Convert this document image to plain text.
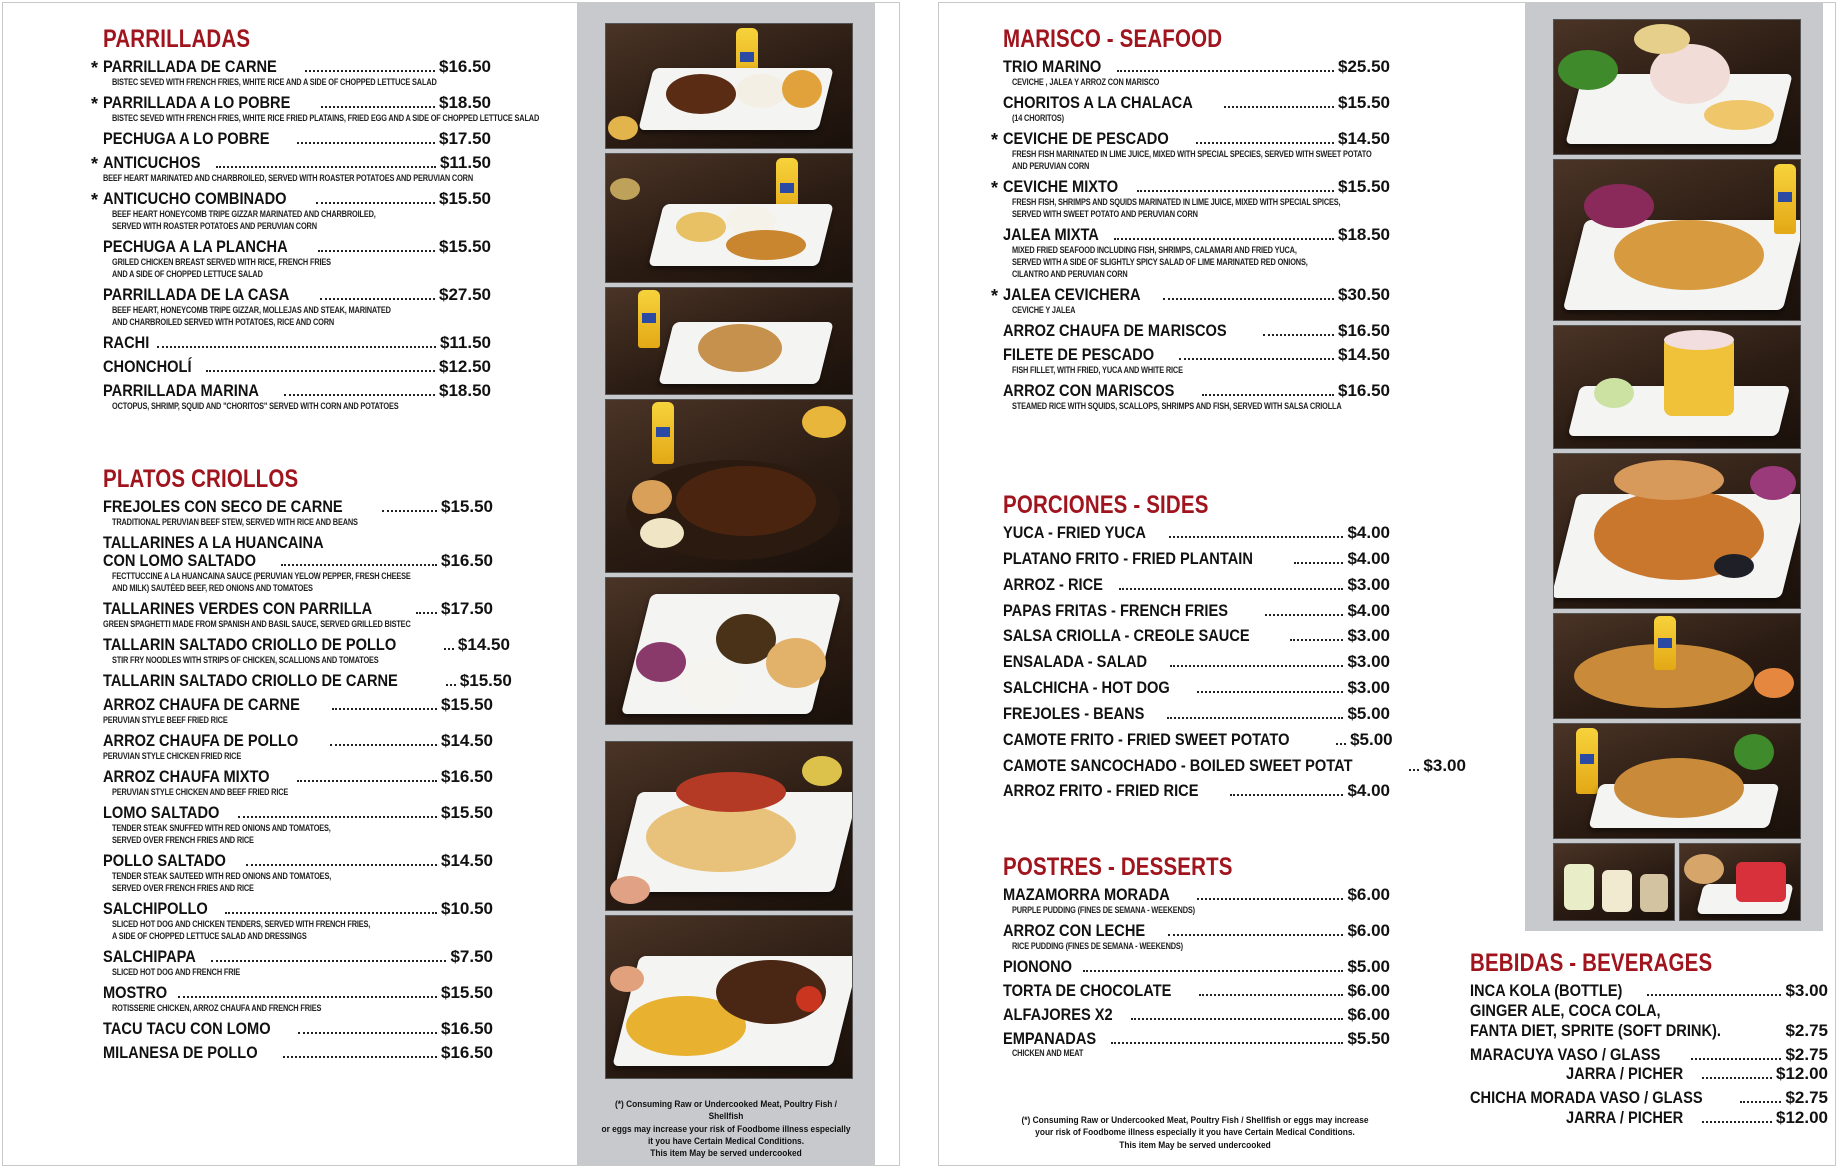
PARRILLADAS
* PARRILLADA DE CARNE	$16.50
BISTEC SEVED WITH FRENCH FRIES, WHITE RICE AND A SIDE OF CHOPPED LETTUCE SALAD
* PARRILLADA A LO POBRE	$18.50
BISTEC SEVED WITH FRENCH FRIES, WHITE RICE FRIED PLATAINS, FRIED EGG AND A SIDE OF CHOPPED LETTUCE SALAD
PECHUGA A LO POBRE	$17.50
* ANTICUCHOS	$11.50
BEEF HEART MARINATED AND CHARBROILED, SERVED WITH ROASTER POTATOES AND PERUVIAN CORN
* ANTICUCHO COMBINADO	$15.50
BEEF HEART HONEYCOMB TRIPE GIZZAR MARINATED AND CHARBROILED,
SERVED WITH ROASTER POTATOES AND PERUVIAN CORN
PECHUGA A LA PLANCHA	$15.50
GRILED CHICKEN BREAST SERVED WITH RICE, FRENCH FRIES
AND A SIDE OF CHOPPED LETTUCE SALAD
PARRILLADA DE LA CASA	$27.50
BEEF HEART, HONEYCOMB TRIPE GIZZAR, MOLLEJAS AND STEAK, MARINATED
AND CHARBROILED SERVED WITH POTATOES, RICE AND CORN
RACHI	$11.50
CHONCHOLÍ	$12.50
PARRILLADA MARINA	$18.50
OCTOPUS, SHRIMP, SQUID AND "CHORITOS" SERVED WITH CORN AND POTATOES
PLATOS CRIOLLOS
FREJOLES CON SECO DE CARNE	$15.50
TRADITIONAL PERUVIAN BEEF STEW, SERVED WITH RICE AND BEANS
TALLARINES A LA HUANCAINA
CON LOMO SALTADO	$16.50
FECTTUCCINE A LA HUANCAINA SAUCE (PERUVIAN YELOW PEPPER, FRESH CHEESE
AND MILK) SAUTÉED BEEF, RED ONIONS AND TOMATOES
TALLARINES VERDES CON PARRILLA	$17.50
GREEN SPAGHETTI MADE FROM SPANISH AND BASIL SAUCE, SERVED GRILLED BISTEC
TALLARIN SALTADO CRIOLLO DE POLLO	$14.50
STIR FRY NOODLES WITH STRIPS OF CHICKEN, SCALLIONS AND TOMATOES
TALLARIN SALTADO CRIOLLO DE CARNE	$15.50
ARROZ CHAUFA DE CARNE	$15.50
PERUVIAN STYLE BEEF FRIED RICE
ARROZ CHAUFA DE POLLO	$14.50
PERUVIAN STYLE CHICKEN FRIED RICE
ARROZ CHAUFA MIXTO	$16.50
PERUVIAN STYLE CHICKEN AND BEEF FRIED RICE
LOMO SALTADO	$15.50
TENDER STEAK SNUFFED WITH RED ONIONS AND TOMATOES,
SERVED OVER FRENCH FRIES AND RICE
POLLO SALTADO	$14.50
TENDER STEAK SAUTEED WITH RED ONIONS AND TOMATOES,
SERVED OVER FRENCH FRIES AND RICE
SALCHIPOLLO	$10.50
SLICED HOT DOG AND CHICKEN TENDERS, SERVED WITH FRENCH FRIES,
A SIDE OF CHOPPED LETTUCE SALAD AND DRESSINGS
SALCHIPAPA	$7.50
SLICED HOT DOG AND FRENCH FRIE
MOSTRO	$15.50
ROTISSERIE CHICKEN, ARROZ CHAUFA AND FRENCH FRIES
TACU TACU CON LOMO	$16.50
MILANESA DE POLLO	$16.50
(*) Consuming Raw or Undercooked Meat, Poultry Fish / Shellfish
or eggs may increase your risk of Foodbome illness especially
it you have Certain Medical Conditions.
This item May be served undercooked
MARISCO - SEAFOOD
TRIO MARINO	$25.50
CEVICHE , JALEA Y ARROZ CON MARISCO
CHORITOS A LA CHALACA	$15.50
(14 CHORITOS)
* CEVICHE DE PESCADO	$14.50
FRESH FISH MARINATED IN LIME JUICE, MIXED WITH SPECIAL SPECIES, SERVED WITH SWEET POTATO
AND PERUVIAN CORN
* CEVICHE MIXTO	$15.50
FRESH FISH, SHRIMPS AND SQUIDS MARINATED IN LIME JUICE, MIXED WITH SPECIAL SPICES,
SERVED WITH SWEET POTATO AND PERUVIAN CORN
JALEA MIXTA	$18.50
MIXED FRIED SEAFOOD INCLUDING FISH, SHRIMPS, CALAMARI AND FRIED YUCA,
SERVED WITH A SIDE OF SLIGHTLY SPICY SALAD OF LIME MARINATED RED ONIONS,
CILANTRO AND PERUVIAN CORN
* JALEA CEVICHERA	$30.50
CEVICHE Y JALEA
ARROZ CHAUFA DE MARISCOS	$16.50
FILETE DE PESCADO	$14.50
FISH FILLET, WITH FRIED, YUCA AND WHITE RICE
ARROZ CON MARISCOS	$16.50
STEAMED RICE WITH SQUIDS, SCALLOPS, SHRIMPS AND FISH, SERVED WITH SALSA CRIOLLA
PORCIONES - SIDES
YUCA - FRIED YUCA	$4.00
PLATANO FRITO - FRIED PLANTAIN	$4.00
ARROZ - RICE	$3.00
PAPAS FRITAS - FRENCH FRIES	$4.00
SALSA CRIOLLA - CREOLE SAUCE	$3.00
ENSALADA - SALAD	$3.00
SALCHICHA - HOT DOG	$3.00
FREJOLES - BEANS	$5.00
CAMOTE FRITO - FRIED SWEET POTATO	$5.00
CAMOTE SANCOCHADO - BOILED SWEET POTAT	$3.00
ARROZ FRITO - FRIED RICE	$4.00
POSTRES - DESSERTS
MAZAMORRA MORADA	$6.00
PURPLE PUDDING (FINES DE SEMANA - WEEKENDS)
ARROZ CON LECHE	$6.00
RICE PUDDING (FINES DE SEMANA - WEEKENDS)
PIONONO	$5.00
TORTA DE CHOCOLATE	$6.00
ALFAJORES X2	$6.00
EMPANADAS	$5.50
CHICKEN AND MEAT
(*) Consuming Raw or Undercooked Meat, Poultry Fish / Shellfish or eggs may increase
your risk of Foodbome illness especially it you have Certain Medical Conditions.
This item May be served undercooked
BEBIDAS - BEVERAGES
INCA KOLA (BOTTLE)	$3.00
GINGER ALE, COCA COLA,
FANTA DIET, SPRITE (SOFT DRINK).	$2.75
MARACUYA VASO / GLASS	$2.75
JARRA / PICHER	$12.00
CHICHA MORADA VASO / GLASS	$2.75
JARRA / PICHER	$12.00
